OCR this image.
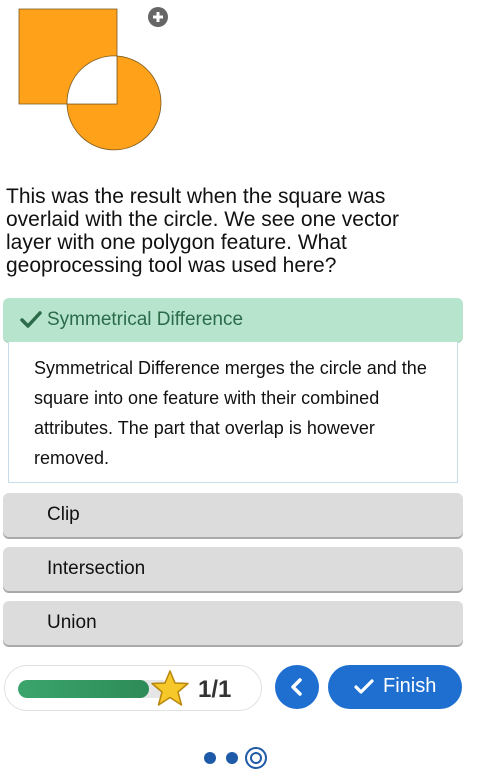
This was the result when the square was overlaid with the circle. We see one vector layer with one polygon feature. What geoprocessing tool was used here?
Symmetrical Difference
Symmetrical Difference merges the circle and the square into one feature with their combined attributes. The part that overlap is however removed.
Clip
Intersection
Union
1/1	Finish
